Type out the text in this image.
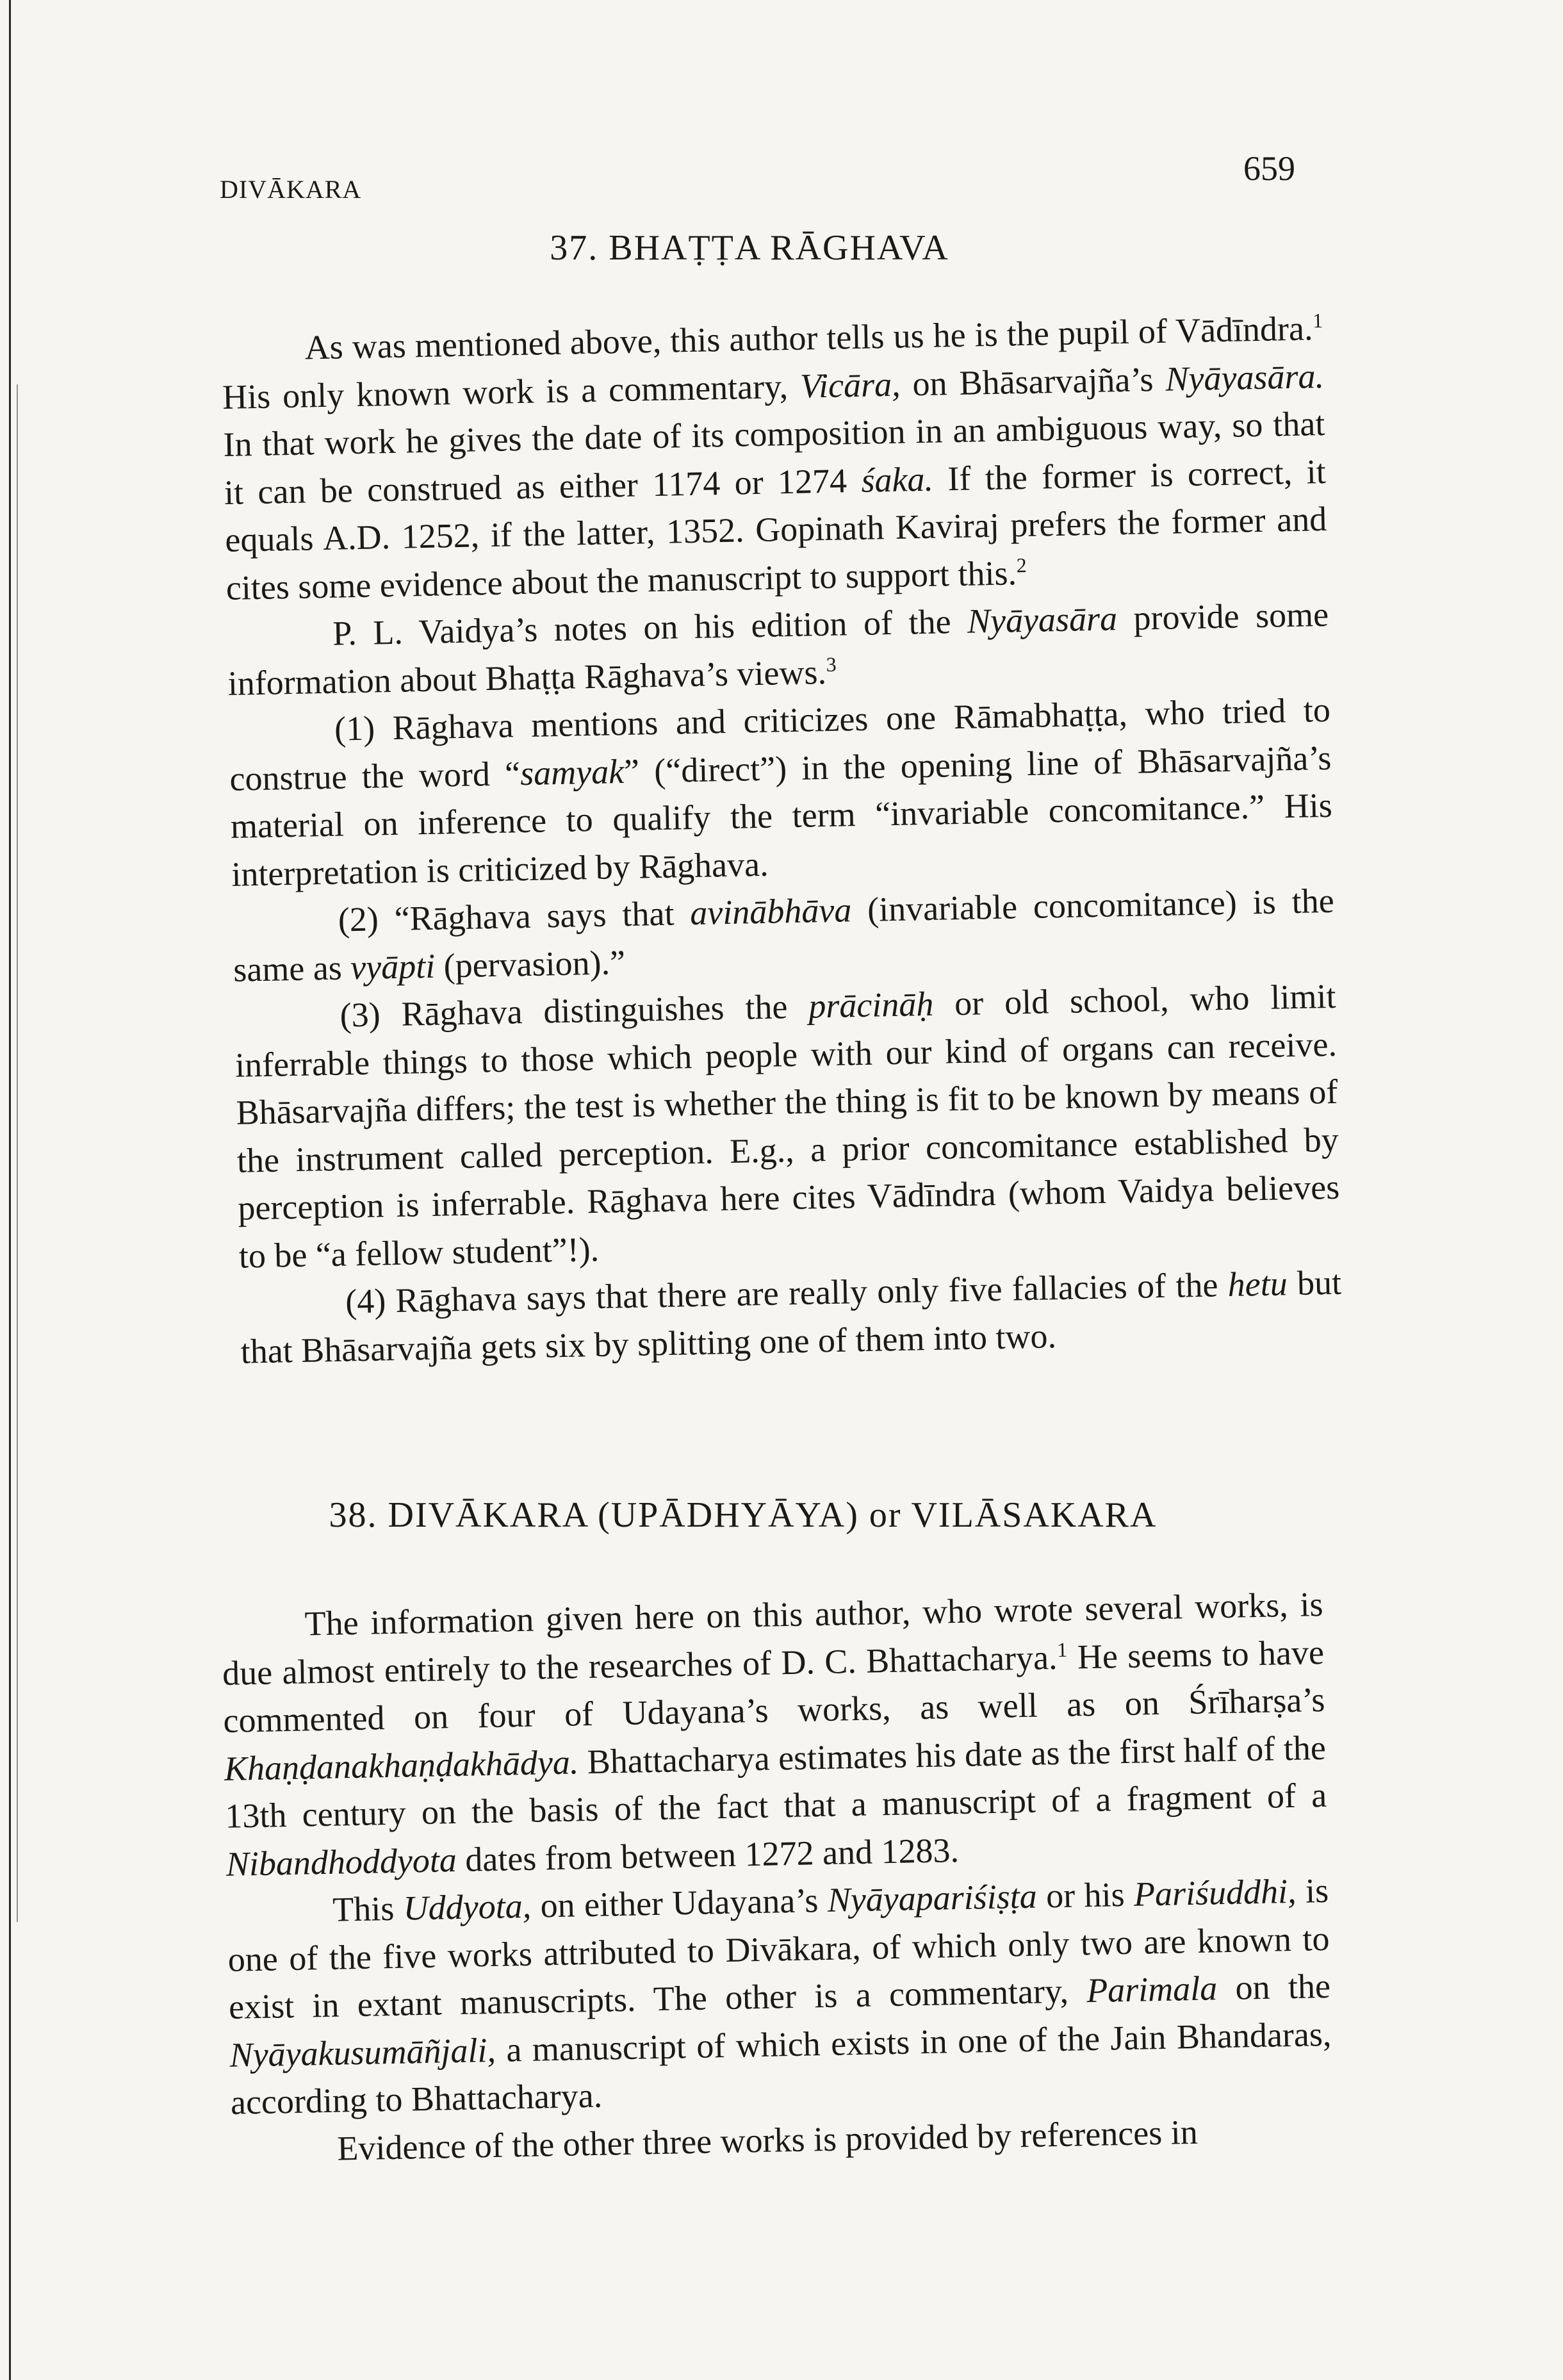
DIVĀKARA
659
37. BHAṬṬA RĀGHAVA

As was mentioned above, this author tells us he is the pupil of Vādīndra.$^1$ His only known work is a commentary, Vicāra, on Bhāsarvajña’s Nyāyasāra. In that work he gives the date of its composition in an ambiguous way, so that it can be construed as either 1174 or 1274 śaka. If the former is correct, it equals A.D. 1252, if the latter, 1352. Gopinath Kaviraj prefers the former and cites some evidence about the manuscript to support this.$^2$

P. L. Vaidya’s notes on his edition of the Nyāyasāra provide some information about Bhaṭṭa Rāghava’s views.$^3$

(1) Rāghava mentions and criticizes one Rāmabhaṭṭa, who tried to construe the word “samyak” (“direct”) in the opening line of Bhāsarvajña’s material on inference to qualify the term “invariable concomitance.” His interpretation is criticized by Rāghava.

(2) “Rāghava says that avinābhāva (invariable concomitance) is the same as vyāpti (pervasion).”

(3) Rāghava distinguishes the prācināḥ or old school, who limit inferrable things to those which people with our kind of organs can receive. Bhāsarvajña differs; the test is whether the thing is fit to be known by means of the instrument called perception. E.g., a prior concomitance established by perception is inferrable. Rāghava here cites Vādīndra (whom Vaidya believes to be “a fellow student”!).

(4) Rāghava says that there are really only five fallacies of the hetu but that Bhāsarvajña gets six by splitting one of them into two.

38. DIVĀKARA (UPĀDHYĀYA) or VILĀSAKARA

The information given here on this author, who wrote several works, is due almost entirely to the researches of D. C. Bhattacharya.$^1$ He seems to have commented on four of Udayana’s works, as well as on Śrīharṣa’s Khaṇḍanakhaṇḍakhādya. Bhattacharya estimates his date as the first half of the 13th century on the basis of the fact that a manuscript of a fragment of a Nibandhoddyota dates from between 1272 and 1283.

This Uddyota, on either Udayana’s Nyāyapariśiṣṭa or his Pariśuddhi, is one of the five works attributed to Divākara, of which only two are known to exist in extant manuscripts. The other is a commentary, Parimala on the Nyāyakusumāñjali, a manuscript of which exists in one of the Jain Bhandaras, according to Bhattacharya.

Evidence of the other three works is provided by references in
